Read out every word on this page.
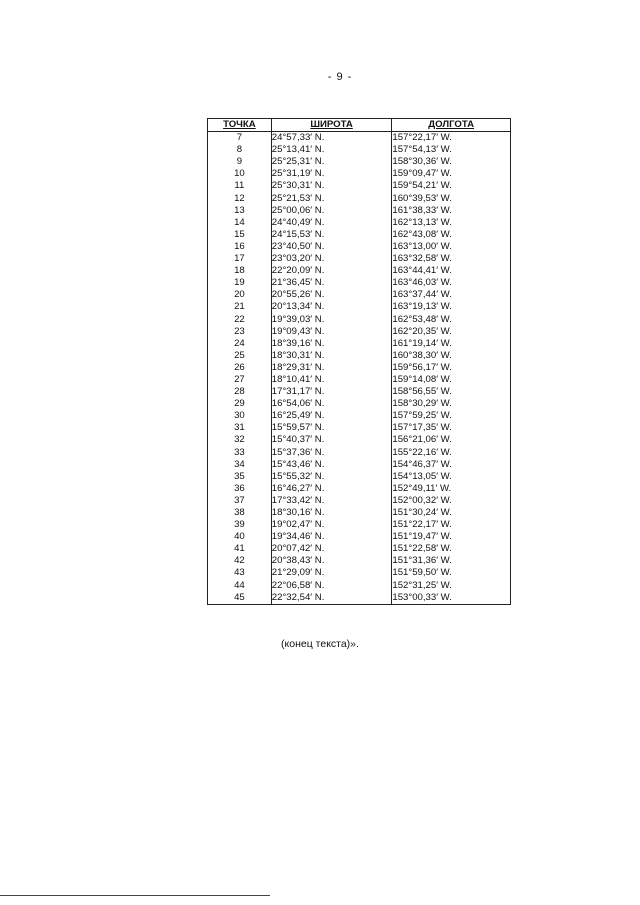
- 9 -
ТОЧКА	ШИРОТА	ДОЛГОТА
7	24°57,33′ N.	157°22,17′ W.
8	25°13,41′ N.	157°54,13′ W.
9	25°25,31′ N.	158°30,36′ W.
10	25°31,19′ N.	159°09,47′ W.
11	25°30,31′ N.	159°54,21′ W.
12	25°21,53′ N.	160°39,53′ W.
13	25°00,06′ N.	161°38,33′ W.
14	24°40,49′ N.	162°13,13′ W.
15	24°15,53′ N.	162°43,08′ W.
16	23°40,50′ N.	163°13,00′ W.
17	23°03,20′ N.	163°32,58′ W.
18	22°20,09′ N.	163°44,41′ W.
19	21°36,45′ N.	163°46,03′ W.
20	20°55,26′ N.	163°37,44′ W.
21	20°13,34′ N.	163°19,13′ W.
22	19°39,03′ N.	162°53,48′ W.
23	19°09,43′ N.	162°20,35′ W.
24	18°39,16′ N.	161°19,14′ W.
25	18°30,31′ N.	160°38,30′ W.
26	18°29,31′ N.	159°56,17′ W.
27	18°10,41′ N.	159°14,08′ W.
28	17°31,17′ N.	158°56,55′ W.
29	16°54,06′ N.	158°30,29′ W.
30	16°25,49′ N.	157°59,25′ W.
31	15°59,57′ N.	157°17,35′ W.
32	15°40,37′ N.	156°21,06′ W.
33	15°37,36′ N.	155°22,16′ W.
34	15°43,46′ N.	154°46,37′ W.
35	15°55,32′ N.	154°13,05′ W.
36	16°46,27′ N.	152°49,11′ W.
37	17°33,42′ N.	152°00,32′ W.
38	18°30,16′ N.	151°30,24′ W.
39	19°02,47′ N.	151°22,17′ W.
40	19°34,46′ N.	151°19,47′ W.
41	20°07,42′ N.	151°22,58′ W.
42	20°38,43′ N.	151°31,36′ W.
43	21°29,09′ N.	151°59,50′ W.
44	22°06,58′ N.	152°31,25′ W.
45	22°32,54′ N.	153°00,33′ W.
(конец текста)».
